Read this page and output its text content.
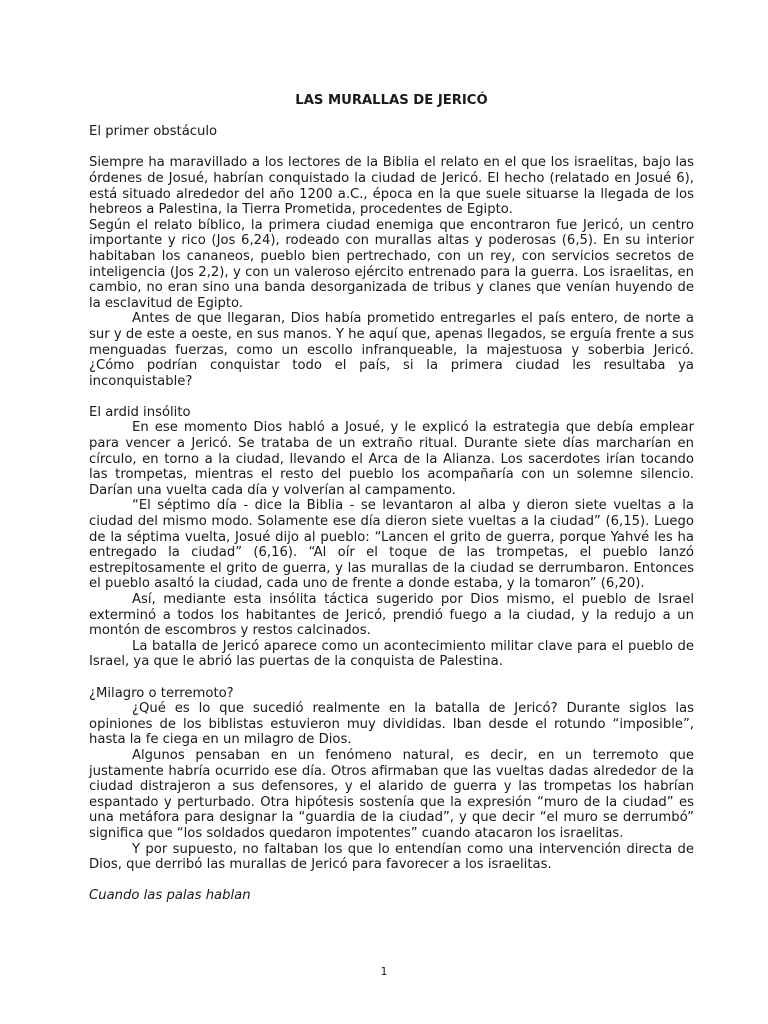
LAS MURALLAS DE JERICÓ

El primer obstáculo

Siempre ha maravillado a los lectores de la Biblia el relato en el que los israelitas, bajo las órdenes de Josué, habrían conquistado la ciudad de Jericó. El hecho (relatado en Josué 6), está situado alrededor del año 1200 a.C., época en la que suele situarse la llegada de los hebreos a Palestina, la Tierra Prometida, procedentes de Egipto.

Según el relato bíblico, la primera ciudad enemiga que encontraron fue Jericó, un centro importante y rico (Jos 6,24), rodeado con murallas altas y poderosas (6,5). En su interior habitaban los cananeos, pueblo bien pertrechado, con un rey, con servicios secretos de inteligencia (Jos 2,2), y con un valeroso ejército entrenado para la guerra. Los israelitas, en cambio, no eran sino una banda desorganizada de tribus y clanes que venían huyendo de la esclavitud de Egipto.

Antes de que llegaran, Dios había prometido entregarles el país entero, de norte a sur y de este a oeste, en sus manos. Y he aquí que, apenas llegados, se erguía frente a sus menguadas fuerzas, como un escollo infranqueable, la majestuosa y soberbia Jericó. ¿Cómo podrían conquistar todo el país, si la primera ciudad les resultaba ya inconquistable?

El ardid insólito

En ese momento Dios habló a Josué, y le explicó la estrategia que debía emplear para vencer a Jericó. Se trataba de un extraño ritual. Durante siete días marcharían en círculo, en torno a la ciudad, llevando el Arca de la Alianza. Los sacerdotes irían tocando las trompetas, mientras el resto del pueblo los acompañaría con un solemne silencio. Darían una vuelta cada día y volverían al campamento.

“El séptimo día - dice la Biblia - se levantaron al alba y dieron siete vueltas a la ciudad del mismo modo. Solamente ese día dieron siete vueltas a la ciudad” (6,15). Luego de la séptima vuelta, Josué dijo al pueblo: “Lancen el grito de guerra, porque Yahvé les ha entregado la ciudad” (6,16). “Al oír el toque de las trompetas, el pueblo lanzó estrepitosamente el grito de guerra, y las murallas de la ciudad se derrumbaron. Entonces el pueblo asaltó la ciudad, cada uno de frente a donde estaba, y la tomaron” (6,20).

Así, mediante esta insólita táctica sugerido por Dios mismo, el pueblo de Israel exterminó a todos los habitantes de Jericó, prendió fuego a la ciudad, y la redujo a un montón de escombros y restos calcinados.

La batalla de Jericó aparece como un acontecimiento militar clave para el pueblo de Israel, ya que le abrió las puertas de la conquista de Palestina.

¿Milagro o terremoto?

¿Qué es lo que sucedió realmente en la batalla de Jericó? Durante siglos las opiniones de los biblistas estuvieron muy divididas. Iban desde el rotundo “imposible”, hasta la fe ciega en un milagro de Dios.

Algunos pensaban en un fenómeno natural, es decir, en un terremoto que justamente habría ocurrido ese día. Otros afirmaban que las vueltas dadas alrededor de la ciudad distrajeron a sus defensores, y el alarido de guerra y las trompetas los habrían espantado y perturbado. Otra hipótesis sostenía que la expresión “muro de la ciudad” es una metáfora para designar la “guardia de la ciudad”, y que decir “el muro se derrumbó” significa que “los soldados quedaron impotentes” cuando atacaron los israelitas.

Y por supuesto, no faltaban los que lo entendían como una intervención directa de Dios, que derribó las murallas de Jericó para favorecer a los israelitas.

Cuando las palas hablan

1
